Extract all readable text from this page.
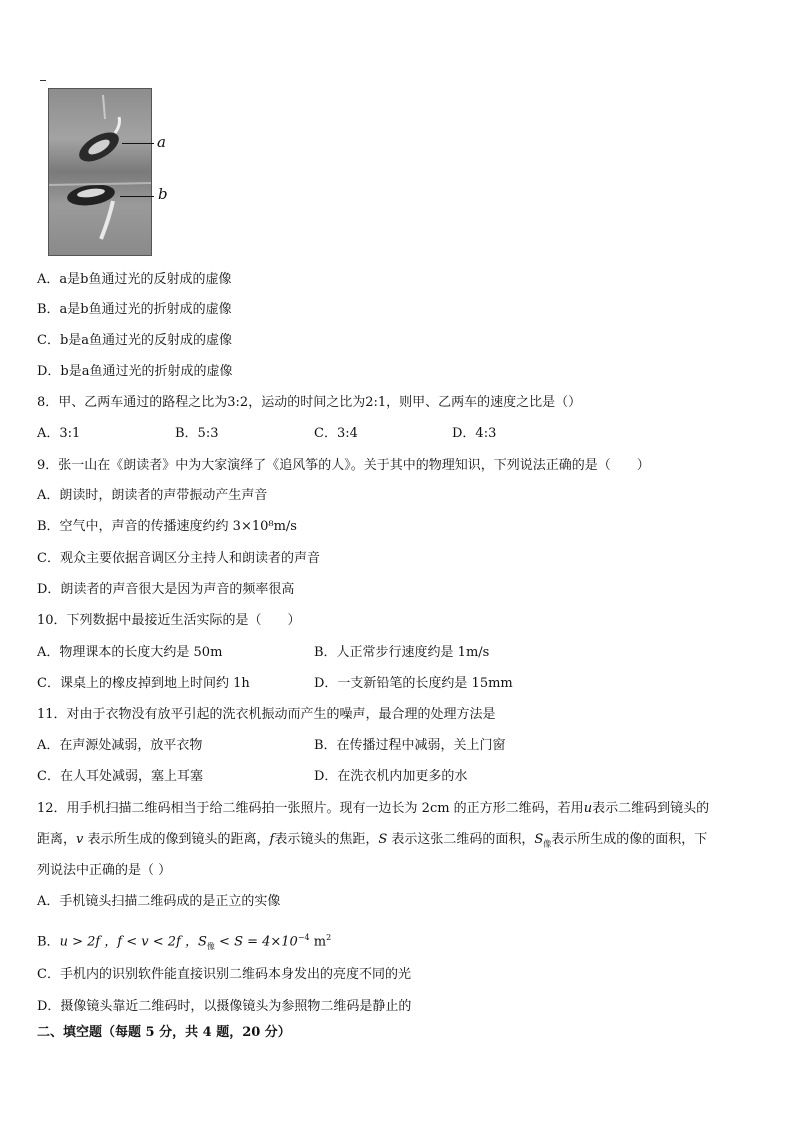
a
b
A．a是b鱼通过光的反射成的虚像
B．a是b鱼通过光的折射成的虚像
C．b是a鱼通过光的反射成的虚像
D．b是a鱼通过光的折射成的虚像
8．甲、乙两车通过的路程之比为3:2，运动的时间之比为2:1，则甲、乙两车的速度之比是（）
A．3:1	B．5:3	C．3:4	D．4:3
9．张一山在《朗读者》中为大家演绎了《追风筝的人》。关于其中的物理知识，下列说法正确的是（　　）
A．朗读时，朗读者的声带振动产生声音
B．空气中，声音的传播速度约约 3×10⁸m/s
C．观众主要依据音调区分主持人和朗读者的声音
D．朗读者的声音很大是因为声音的频率很高
10．下列数据中最接近生活实际的是（　　）
A．物理课本的长度大约是 50m	B．人正常步行速度约是 1m/s
C．课桌上的橡皮掉到地上时间约 1h	D．一支新铅笔的长度约是 15mm
11．对由于衣物没有放平引起的洗衣机振动而产生的噪声，最合理的处理方法是
A．在声源处减弱，放平衣物	B．在传播过程中减弱，关上门窗
C．在人耳处减弱，塞上耳塞	D．在洗衣机内加更多的水
12．用手机扫描二维码相当于给二维码拍一张照片。现有一边长为 2cm 的正方形二维码，若用u表示二维码到镜头的
距离，v 表示所生成的像到镜头的距离，f表示镜头的焦距，S 表示这张二维码的面积，$S_像$表示所生成的像的面积，下
列说法中正确的是（ ）
A．手机镜头扫描二维码成的是正立的实像
B．u > 2f ，f < v < 2f ，$S_像 < S = 4\times 10^{-4}$ $m^2$
C．手机内的识别软件能直接识别二维码本身发出的亮度不同的光
D．摄像镜头靠近二维码时，以摄像镜头为参照物二维码是静止的
二、填空题（每题 5 分，共 4 题，20 分）
